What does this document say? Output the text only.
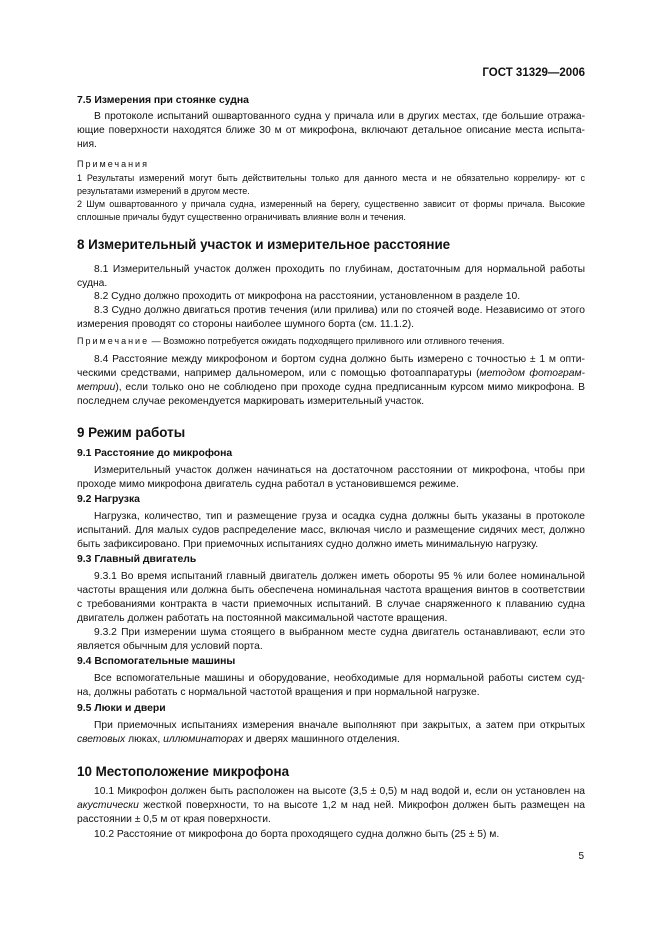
ГОСТ 31329—2006
7.5 Измерения при стоянке судна

В протоколе испытаний ошвартованного судна у причала или в других местах, где большие отража- ющие поверхности находятся ближе 30 м от микрофона, включают детальное описание места испыта- ния.

Примечания

1 Результаты измерений могут быть действительны только для данного места и не обязательно коррелиру- ют с результатами измерений в другом месте.

2 Шум ошвартованного у причала судна, измеренный на берегу, существенно зависит от формы причала. Высокие сплошные причалы будут существенно ограничивать влияние волн и течения.

8 Измерительный участок и измерительное расстояние

8.1 Измерительный участок должен проходить по глубинам, достаточным для нормальной работы судна.

8.2 Судно должно проходить от микрофона на расстоянии, установленном в разделе 10.

8.3 Судно должно двигаться против течения (или прилива) или по стоячей воде. Независимо от этого измерения проводят со стороны наиболее шумного борта (см. 11.1.2).

Примечание — Возможно потребуется ожидать подходящего приливного или отливного течения.

8.4 Расстояние между микрофоном и бортом судна должно быть измерено с точностью ± 1 м опти- ческими средствами, например дальномером, или с помощью фотоаппаратуры (методом фотограм- метрии), если только оно не соблюдено при проходе судна предписанным курсом мимо микрофона. В последнем случае рекомендуется маркировать измерительный участок.

9 Режим работы
9.1 Расстояние до микрофона

Измерительный участок должен начинаться на достаточном расстоянии от микрофона, чтобы при проходе мимо микрофона двигатель судна работал в установившемся режиме.

9.2 Нагрузка

Нагрузка, количество, тип и размещение груза и осадка судна должны быть указаны в протоколе испытаний. Для малых судов распределение масс, включая число и размещение сидячих мест, должно быть зафиксировано. При приемочных испытаниях судно должно иметь минимальную нагрузку.

9.3 Главный двигатель

9.3.1 Во время испытаний главный двигатель должен иметь обороты 95 % или более номинальной частоты вращения или должна быть обеспечена номинальная частота вращения винтов в соответствии с требованиями контракта в части приемочных испытаний. В случае снаряженного к плаванию судна двигатель должен работать на постоянной максимальной частоте вращения.

9.3.2 При измерении шума стоящего в выбранном месте судна двигатель останавливают, если это является обычным для условий порта.

9.4 Вспомогательные машины

Все вспомогательные машины и оборудование, необходимые для нормальной работы систем суд- на, должны работать с нормальной частотой вращения и при нормальной нагрузке.

9.5 Люки и двери

При приемочных испытаниях измерения вначале выполняют при закрытых, а затем при открытых световых люках, иллюминаторах и дверях машинного отделения.

10 Местоположение микрофона

10.1 Микрофон должен быть расположен на высоте (3,5 ± 0,5) м над водой и, если он установлен на акустически жесткой поверхности, то на высоте 1,2 м над ней. Микрофон должен быть размещен на расстоянии ± 0,5 м от края поверхности.

10.2 Расстояние от микрофона до борта проходящего судна должно быть (25 ± 5) м.

5
